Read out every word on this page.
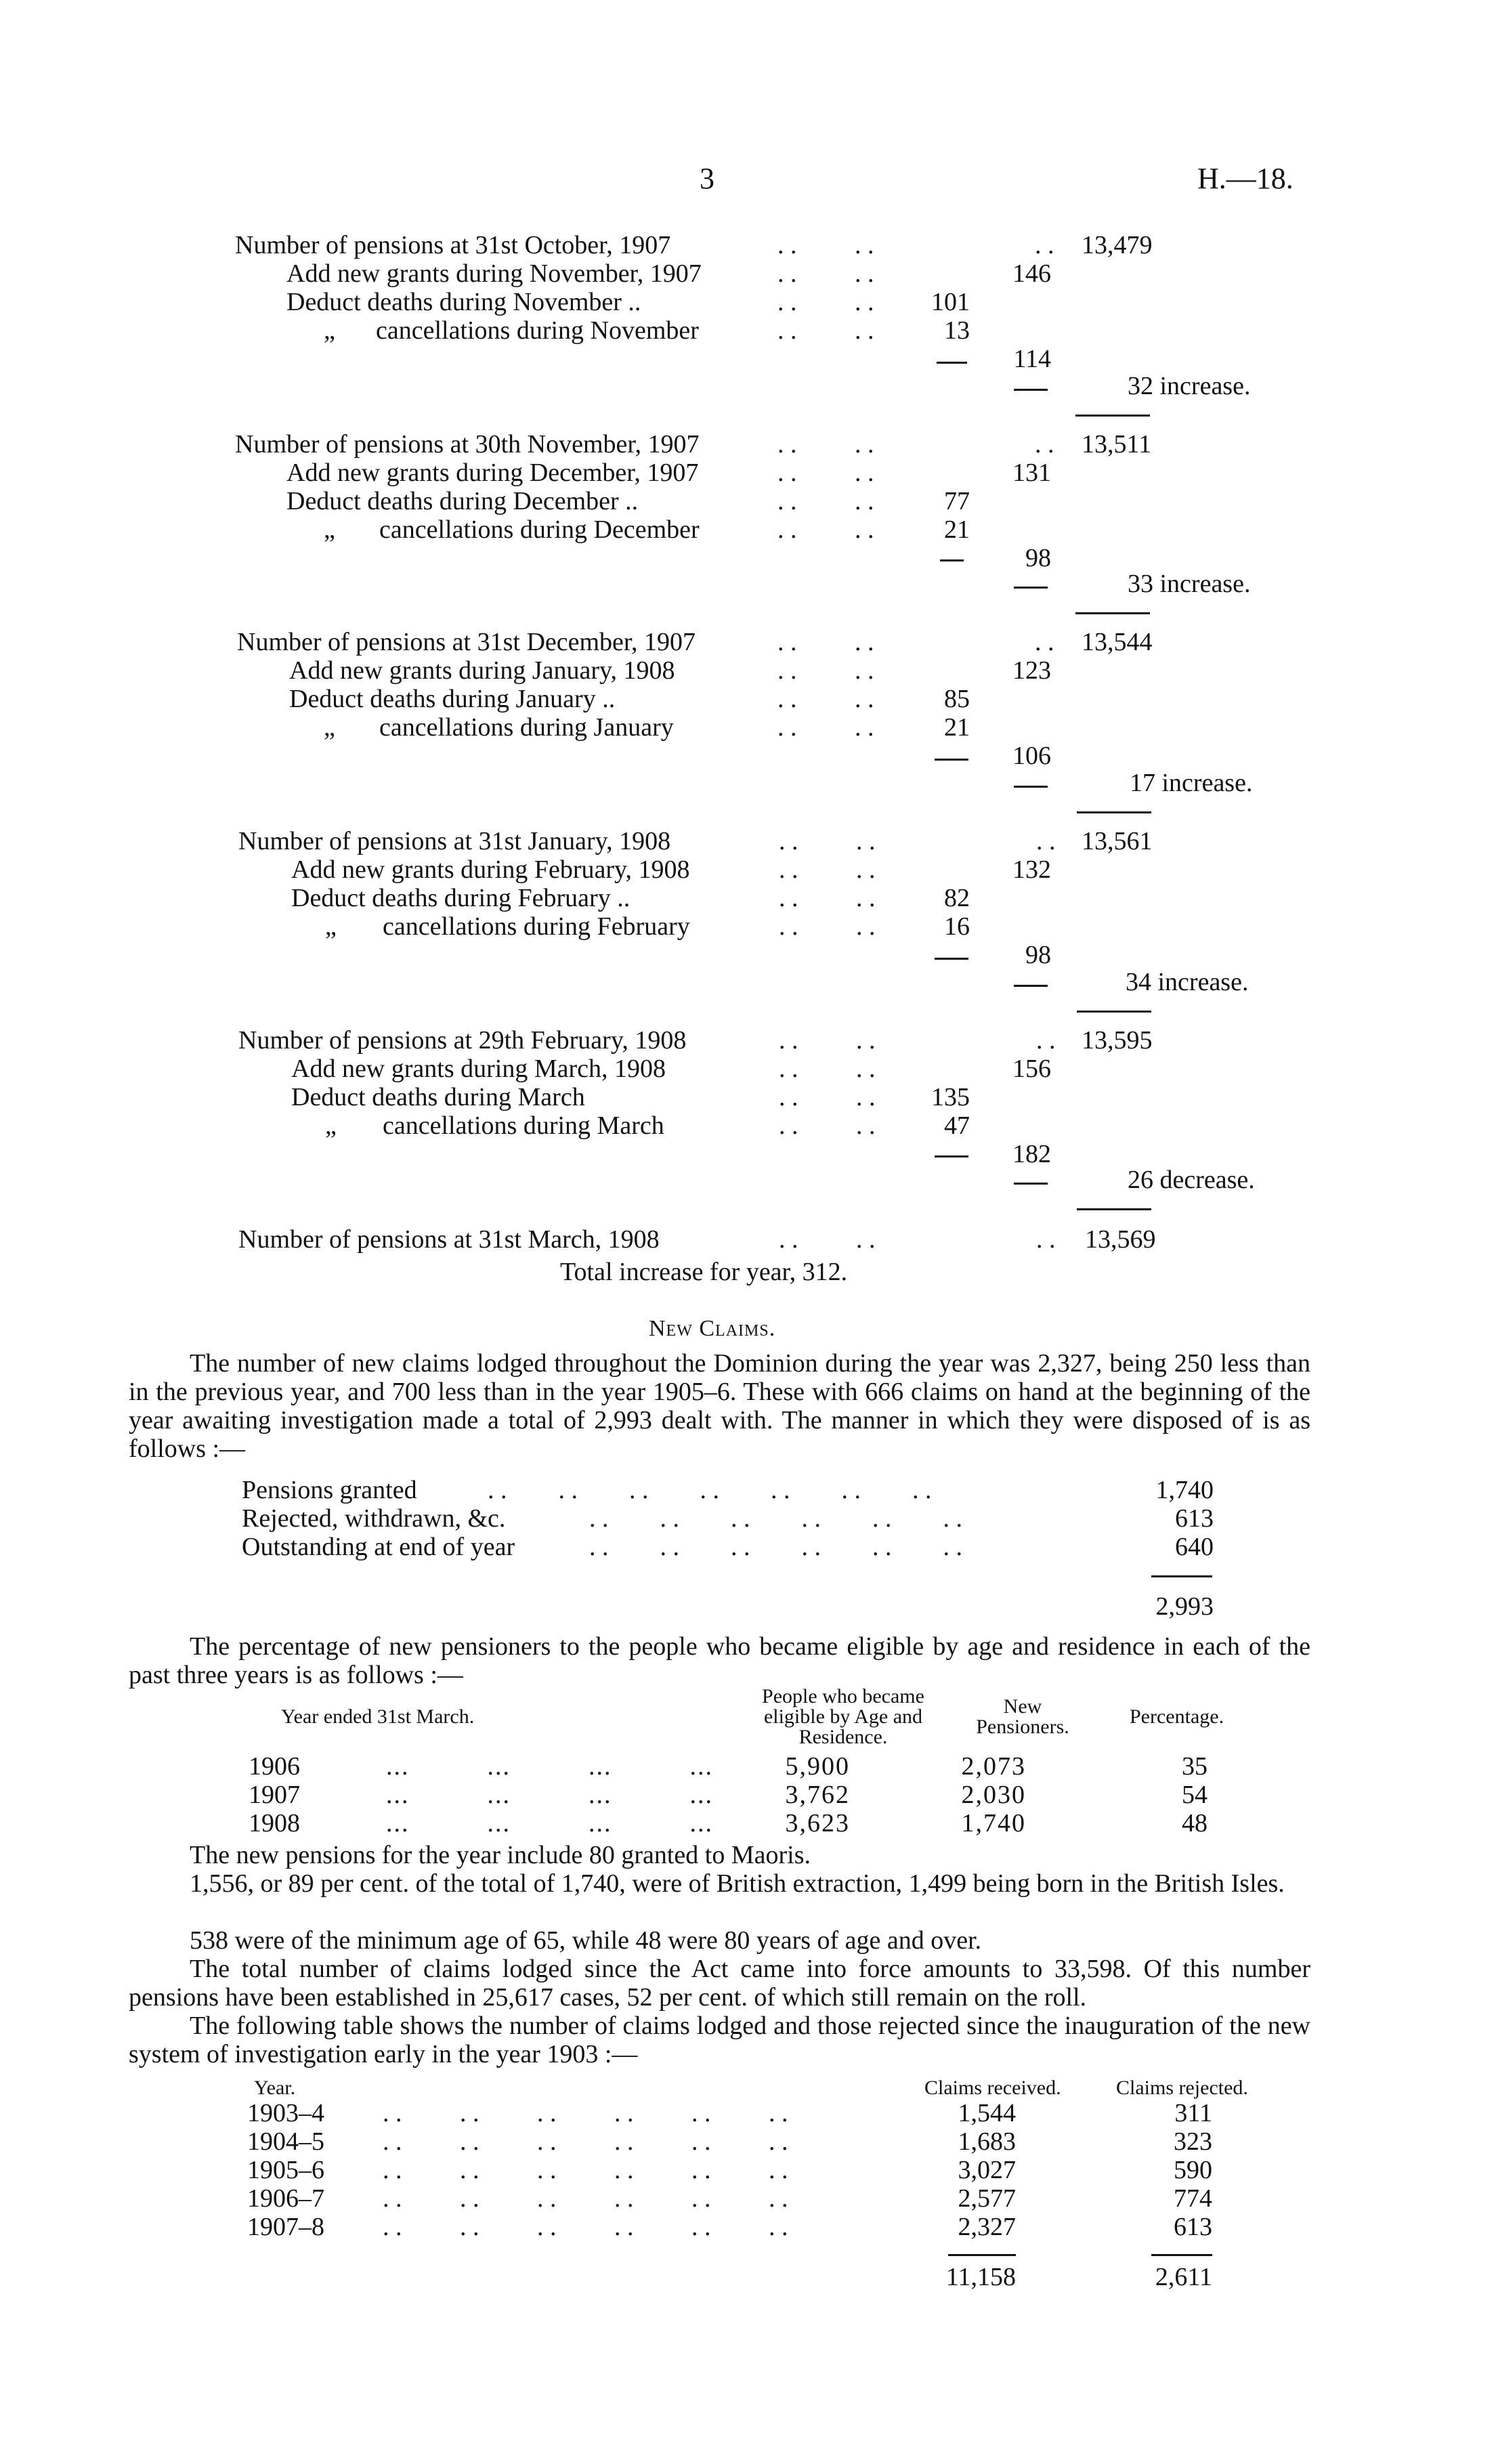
3	H.—18.
Number of pensions at 31st October, 1907	. .         . .                         . . 13,479
Add new grants during November, 1907	. .         . .	146
Deduct deaths during November ..	. .         . .	101
„ cancellations during November	. .         . .	13
114
32 increase.
Number of pensions at 30th November, 1907	. .         . .                         . . 13,511
Add new grants during December, 1907	. .         . .	131
Deduct deaths during December ..	. .         . .	77
„ cancellations during December	. .         . .	21
98
33 increase.
Number of pensions at 31st December, 1907	. .         . .                         . . 13,544
Add new grants during January, 1908	. .         . .	123
Deduct deaths during January ..	. .         . .	85
„ cancellations during January	. .         . .	21
106
17 increase.
Number of pensions at 31st January, 1908	. .         . .                         . . 13,561
Add new grants during February, 1908	. .         . .	132
Deduct deaths during February ..	. .         . .	82
„ cancellations during February	. .         . .	16
98
34 increase.
Number of pensions at 29th February, 1908	. .         . .                         . . 13,595
Add new grants during March, 1908	. .         . .	156
Deduct deaths during March	. .         . .	135
„ cancellations during March	. .         . .	47
182
26 decrease.
Number of pensions at 31st March, 1908	. .         . .                         . . 13,569
Total increase for year, 312.
New Claims.
The number of new claims lodged throughout the Dominion during the year was 2,327, being 250 less than in the previous year, and 700 less than in the year 1905–6. These with 666 claims on hand at the beginning of the year awaiting investigation made a total of 2,993 dealt with. The manner in which they were disposed of is as follows :—
Pensions granted	. .        . .        . .        . .        . .        . .        . .	1,740
Rejected, withdrawn, &c.	. .        . .        . .        . .        . .        . .	613
Outstanding at end of year	. .        . .        . .        . .        . .        . .	640
2,993
The percentage of new pensioners to the people who became eligible by age and residence in each of the past three years is as follows :—
Year ended 31st March.
People who became eligible by Age and Residence.
New Pensioners.	Percentage.
1906	...          ...          ...          ...	5,900	2,073	35
1907	...          ...          ...          ...	3,762	2,030	54
1908	...          ...          ...          ...	3,623	1,740	48
The new pensions for the year include 80 granted to Maoris.
1,556, or 89 per cent. of the total of 1,740, were of British extraction, 1,499 being born in the British Isles.
538 were of the minimum age of 65, while 48 were 80 years of age and over.
The total number of claims lodged since the Act came into force amounts to 33,598. Of this number pensions have been established in 25,617 cases, 52 per cent. of which still remain on the roll.
The following table shows the number of claims lodged and those rejected since the inauguration of the new system of investigation early in the year 1903 :—
Year.	Claims received.	Claims rejected.
1903–4 . .         . .         . .         . .         . .         . .	1,544	311
1904–5 . .         . .         . .         . .         . .         . .	1,683	323
1905–6 . .         . .         . .         . .         . .         . .	3,027	590
1906–7 . .         . .         . .         . .         . .         . .	2,577	774
1907–8 . .         . .         . .         . .         . .         . .	2,327	613
11,158	2,611
